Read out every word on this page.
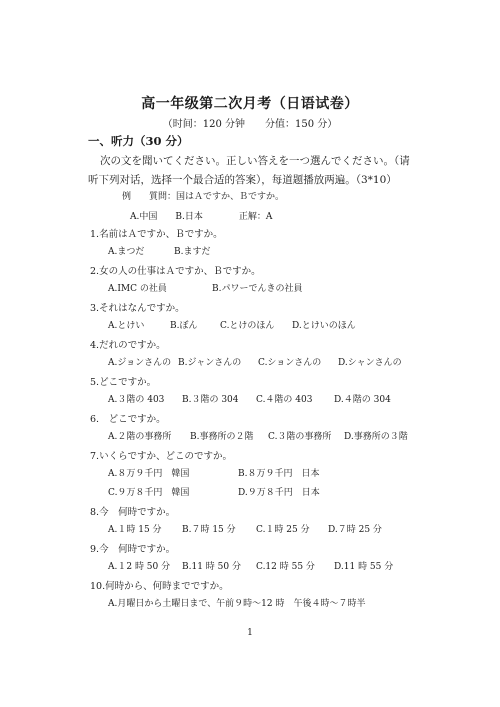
高一年级第二次月考（日语试卷）
（时间：120 分钟　　分值：150 分）
一、听力（30 分）
次の文を聞いてください。正しい答えを一つ選んでください。（请听下列对话，选择一个最合适的答案），每道题播放两遍。（3*10）
例　　質問：国はＡですか、Ｂですか。
A.中国　　B.日本　　　　正解：A
1.名前はＡですか、Ｂですか。
A.まつだ	B.ますだ
2.女の人の仕事はＡですか、Ｂですか。
A.IMC の社員	B.パワーでんきの社員
3.それはなんですか。
A.とけい	B.ぼん	C.とけのほん D.とけいのほん
4.だれのですか。
A.ジョンさんの B.ジャンさんの C.ションさんの D.シャンさんの
5.どこですか。
A.３階の 403 B.３階の 304 C.４階の 403 D.４階の 304
6.　どこですか。
A.２階の事務所 B.事務所の２階 C.３階の事務所 D.事務所の３階
7.いくらですか、どこのですか。
A.８万９千円　韓国	B.８万９千円　日本
C.９万８千円　韓国	D.９万８千円　日本
8.今　何時ですか。
A.１時 15 分 B.７時 15 分 C.１時 25 分 D.７時 25 分
9.今　何時ですか。
A.１2 時 50 分 B.11 時 50 分 C.12 時 55 分 D.11 時 55 分
10.何時から、何時までですか。
A.月曜日から土曜日まで、午前９時～12 時　午後４時～７時半
1
